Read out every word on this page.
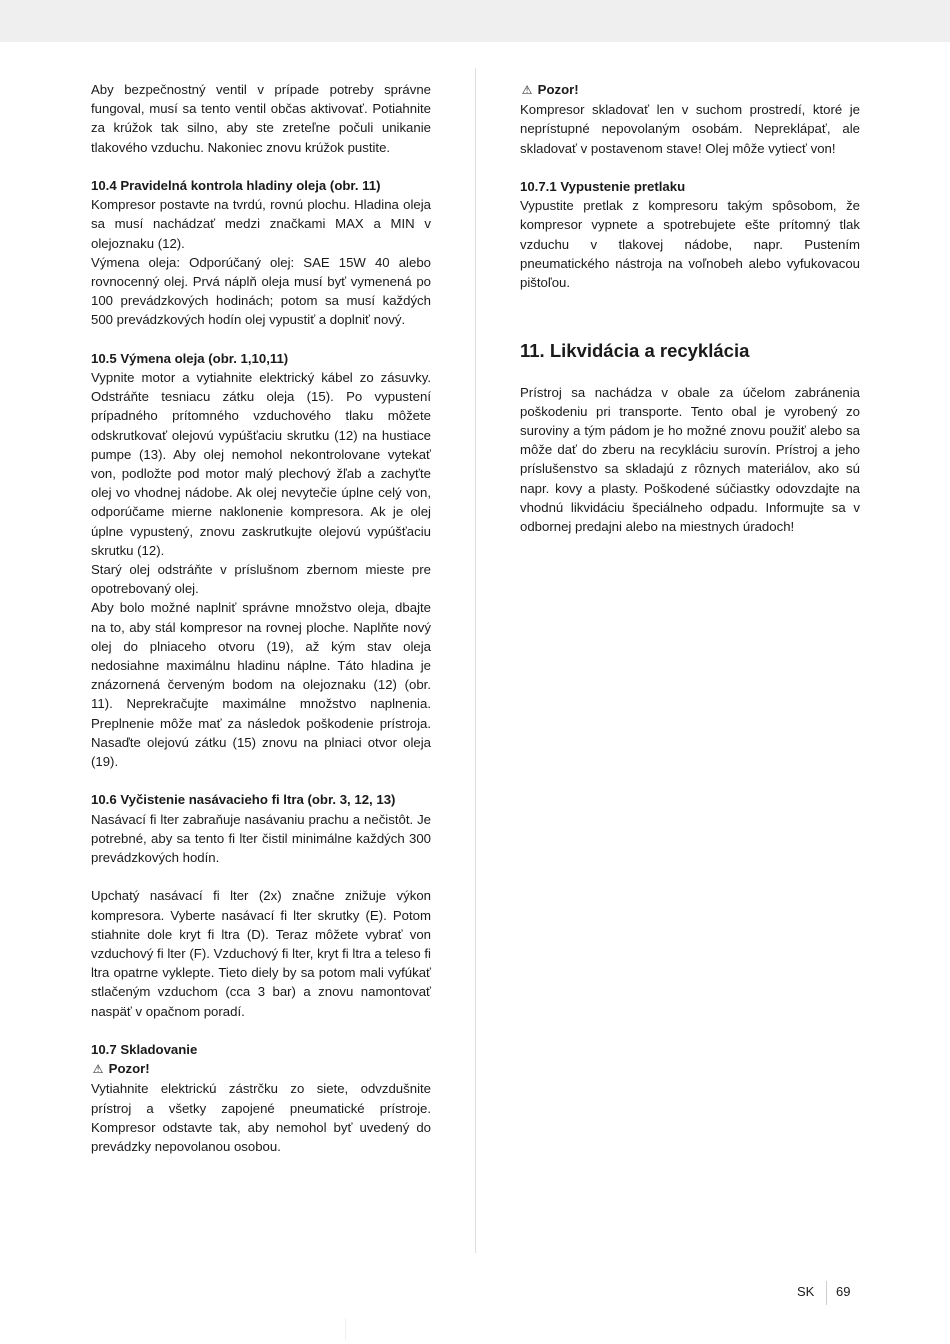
Aby bezpečnostný ventil v prípade potreby správne fungoval, musí sa tento ventil občas aktivovať. Potiahnite za krúžok tak silno, aby ste zreteľne počuli unikanie tlakového vzduchu. Nakoniec znovu krúžok pustite.

10.4 Pravidelná kontrola hladiny oleja (obr. 11)

Kompresor postavte na tvrdú, rovnú plochu. Hladina oleja sa musí nachádzať medzi značkami MAX a MIN v olejoznaku (12).

Výmena oleja: Odporúčaný olej: SAE 15W 40 alebo rovnocenný olej. Prvá náplň oleja musí byť vymenená po 100 prevádzkových hodinách; potom sa musí každých 500 prevádzkových hodín olej vypustiť a doplniť nový.

10.5 Výmena oleja (obr. 1,10,11)

Vypnite motor a vytiahnite elektrický kábel zo zásuvky. Odstráňte tesniacu zátku oleja (15). Po vypustení prípadného prítomného vzduchového tlaku môžete odskrutkovať olejovú vypúšťaciu skrutku (12) na hustiace pumpe (13). Aby olej nemohol nekontrolovane vytekať von, podložte pod motor malý plechový žľab a zachyťte olej vo vhodnej nádobe. Ak olej nevytečie úplne celý von, odporúčame mierne naklonenie kompresora. Ak je olej úplne vypustený, znovu zaskrutkujte olejovú vypúšťaciu skrutku (12).

Starý olej odstráňte v príslušnom zbernom mieste pre opotrebovaný olej.

Aby bolo možné naplniť správne množstvo oleja, dbajte na to, aby stál kompresor na rovnej ploche. Naplňte nový olej do plniaceho otvoru (19), až kým stav oleja nedosiahne maximálnu hladinu náplne. Táto hladina je znázornená červeným bodom na olejoznaku (12) (obr. 11). Neprekračujte maximálne množstvo naplnenia. Preplnenie môže mať za následok poškodenie prístroja. Nasaďte olejovú zátku (15) znovu na plniaci otvor oleja (19).

10.6 Vyčistenie nasávacieho fi ltra (obr. 3, 12, 13)

Nasávací fi lter zabraňuje nasávaniu prachu a nečistôt. Je potrebné, aby sa tento fi lter čistil minimálne každých 300 prevádzkových hodín.

Upchatý nasávací fi lter (2x) značne znižuje výkon kompresora. Vyberte nasávací fi lter skrutky (E). Potom stiahnite dole kryt fi ltra (D). Teraz môžete vybrať von vzduchový fi lter (F). Vzduchový fi lter, kryt fi ltra a teleso fi ltra opatrne vyklepte. Tieto diely by sa potom mali vyfúkať stlačeným vzduchom (cca 3 bar) a znovu namontovať naspäť v opačnom poradí.

10.7 Skladovanie

⚠ Pozor!

Vytiahnite elektrickú zástrčku zo siete, odvzdušnite prístroj a všetky zapojené pneumatické prístroje. Kompresor odstavte tak, aby nemohol byť uvedený do prevádzky nepovolanou osobou.

⚠ Pozor!

Kompresor skladovať len v suchom prostredí, ktoré je neprístupné nepovolaným osobám. Nepreklápať, ale skladovať v postavenom stave! Olej môže vytiecť von!

10.7.1 Vypustenie pretlaku

Vypustite pretlak z kompresoru takým spôsobom, že kompresor vypnete a spotrebujete ešte prítomný tlak vzduchu v tlakovej nádobe, napr. Pustením pneumatického nástroja na voľnobeh alebo vyfukovacou pištoľou.

11. Likvidácia a recyklácia

Prístroj sa nachádza v obale za účelom zabránenia poškodeniu pri transporte. Tento obal je vyrobený zo suroviny a tým pádom je ho možné znovu použiť alebo sa môže dať do zberu na recykláciu surovín. Prístroj a jeho príslušenstvo sa skladajú z rôznych materiálov, ako sú napr. kovy a plasty. Poškodené súčiastky odovzdajte na vhodnú likvidáciu špeciálneho odpadu. Informujte sa v odbornej predajni alebo na miestnych úradoch!

SK 69
